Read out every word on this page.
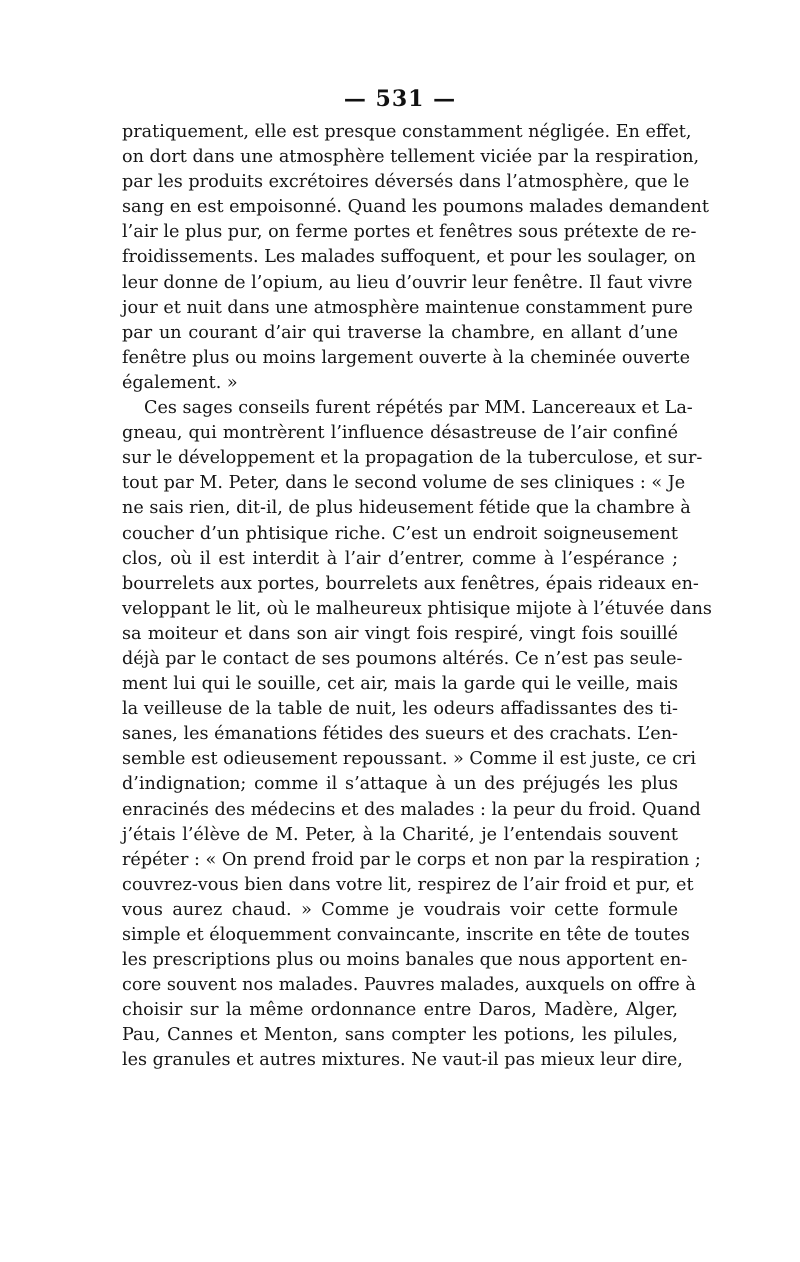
— 531 —
pratiquement, elle est presque constamment négligée. En effet,
on dort dans une atmosphère tellement viciée par la respiration,
par les produits excrétoires déversés dans l’atmosphère, que le
sang en est empoisonné. Quand les poumons malades demandent
l’air le plus pur, on ferme portes et fenêtres sous prétexte de re-
froidissements. Les malades suffoquent, et pour les soulager, on
leur donne de l’opium, au lieu d’ouvrir leur fenêtre. Il faut vivre
jour et nuit dans une atmosphère maintenue constamment pure
par un courant d’air qui traverse la chambre, en allant d’une
fenêtre plus ou moins largement ouverte à la cheminée ouverte
également. »
Ces sages conseils furent répétés par MM. Lancereaux et La-
gneau, qui montrèrent l’influence désastreuse de l’air confiné
sur le développement et la propagation de la tuberculose, et sur-
tout par M. Peter, dans le second volume de ses cliniques : « Je
ne sais rien, dit-il, de plus hideusement fétide que la chambre à
coucher d’un phtisique riche. C’est un endroit soigneusement
clos, où il est interdit à l’air d’entrer, comme à l’espérance ;
bourrelets aux portes, bourrelets aux fenêtres, épais rideaux en-
veloppant le lit, où le malheureux phtisique mijote à l’étuvée dans
sa moiteur et dans son air vingt fois respiré, vingt fois souillé
déjà par le contact de ses poumons altérés. Ce n’est pas seule-
ment lui qui le souille, cet air, mais la garde qui le veille, mais
la veilleuse de la table de nuit, les odeurs affadissantes des ti-
sanes, les émanations fétides des sueurs et des crachats. L’en-
semble est odieusement repoussant. » Comme il est juste, ce cri
d’indignation; comme il s’attaque à un des préjugés les plus
enracinés des médecins et des malades : la peur du froid. Quand
j’étais l’élève de M. Peter, à la Charité, je l’entendais souvent
répéter : « On prend froid par le corps et non par la respiration ;
couvrez-vous bien dans votre lit, respirez de l’air froid et pur, et
vous aurez chaud. » Comme je voudrais voir cette formule
simple et éloquemment convaincante, inscrite en tête de toutes
les prescriptions plus ou moins banales que nous apportent en-
core souvent nos malades. Pauvres malades, auxquels on offre à
choisir sur la même ordonnance entre Daros, Madère, Alger,
Pau, Cannes et Menton, sans compter les potions, les pilules,
les granules et autres mixtures. Ne vaut-il pas mieux leur dire,
